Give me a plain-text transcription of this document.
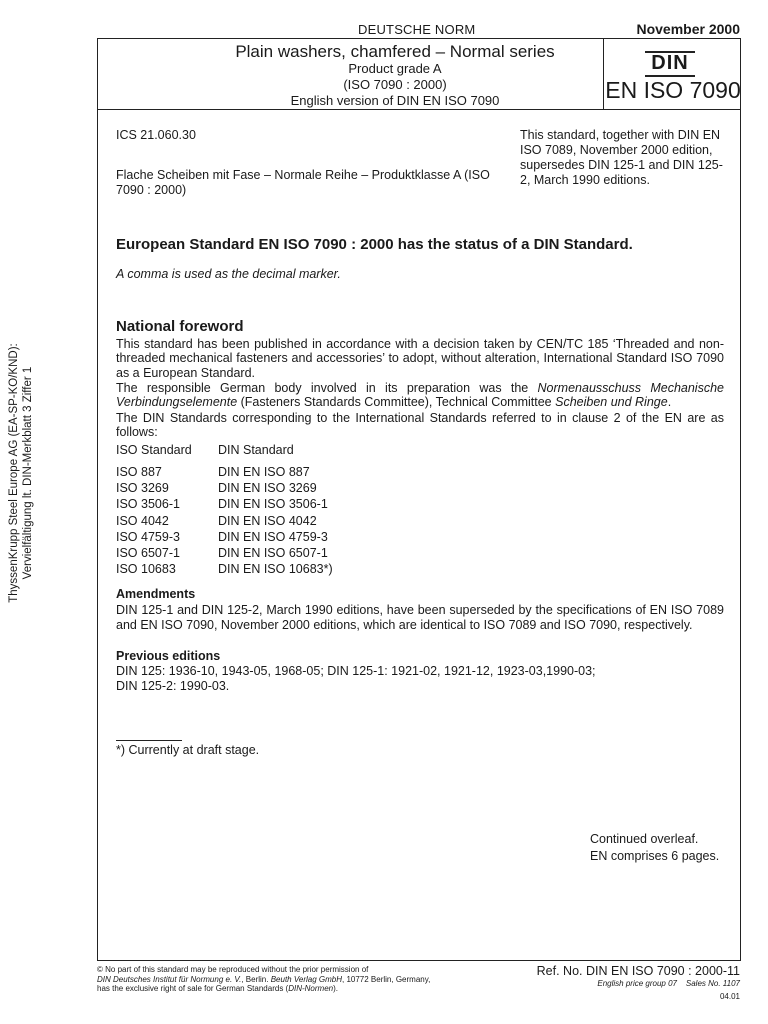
DEUTSCHE NORM	November 2000
Plain washers, chamfered – Normal series
Product grade A
(ISO 7090 : 2000)
English version of DIN EN ISO 7090
DIN
EN ISO 7090
ICS 21.060.30	This standard, together with DIN EN ISO 7089, November 2000 edition, supersedes DIN 125-1 and DIN 125-2, March 1990 editions.
Flache Scheiben mit Fase – Normale Reihe – Produktklasse A (ISO 7090 : 2000)
European Standard EN ISO 7090 : 2000 has the status of a DIN Standard.
A comma is used as the decimal marker.
National foreword
This standard has been published in accordance with a decision taken by CEN/TC 185 ‘Threaded and non-threaded mechanical fasteners and accessories’ to adopt, without alteration, International Standard ISO 7090 as a European Standard.
The responsible German body involved in its preparation was the Normenausschuss Mechanische Verbindungselemente (Fasteners Standards Committee), Technical Committee Scheiben und Ringe.
The DIN Standards corresponding to the International Standards referred to in clause 2 of the EN are as follows:
ISO Standard	DIN Standard
ISO 887	DIN EN ISO 887
ISO 3269	DIN EN ISO 3269
ISO 3506-1	DIN EN ISO 3506-1
ISO 4042	DIN EN ISO 4042
ISO 4759-3	DIN EN ISO 4759-3
ISO 6507-1	DIN EN ISO 6507-1
ISO 10683	DIN EN ISO 10683*)
Amendments
DIN 125-1 and DIN 125-2, March 1990 editions, have been superseded by the specifications of EN ISO 7089 and EN ISO 7090, November 2000 editions, which are identical to ISO 7089 and ISO 7090, respectively.
Previous editions
DIN 125: 1936-10, 1943-05, 1968-05; DIN 125-1: 1921-02, 1921-12, 1923-03,1990-03;
DIN 125-2: 1990-03.
*) Currently at draft stage.
Continued overleaf.
EN comprises 6 pages.
© No part of this standard may be reproduced without the prior permission of
DIN Deutsches Institut für Normung e. V., Berlin. Beuth Verlag GmbH, 10772 Berlin, Germany,
has the exclusive right of sale for German Standards (DIN-Normen).
Ref. No. DIN EN ISO 7090 : 2000-11
English price group 07 Sales No. 1107
04.01
ThyssenKrupp Steel Europe AG (EA-SP-KO/KND): Vervielfältigung lt. DIN-Merkblatt 3 Ziffer 1
